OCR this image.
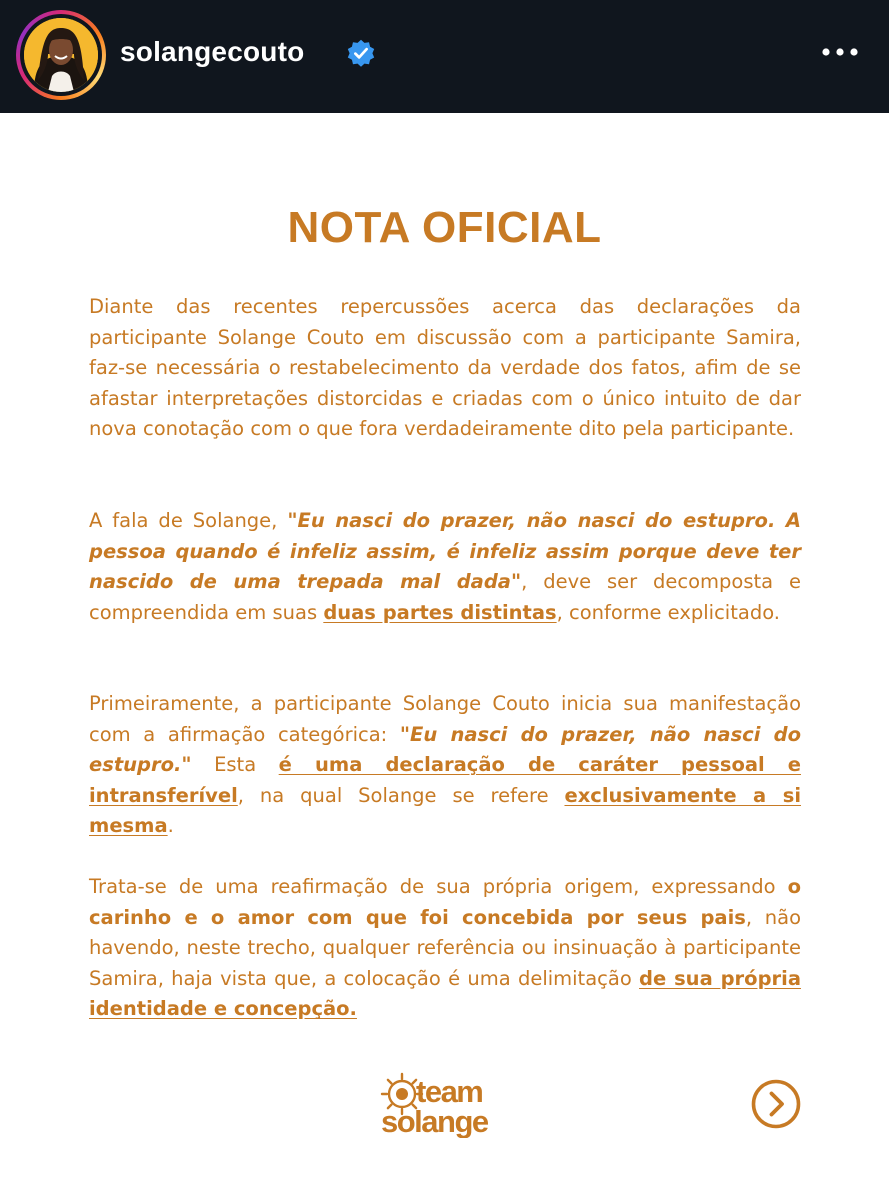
solangecouto
NOTA OFICIAL

Diante das recentes repercussões acerca das declarações da participante Solange Couto em discussão com a participante Samira, faz-se necessária o restabelecimento da verdade dos fatos, afim de se afastar interpretações distorcidas e criadas com o único intuito de dar nova conotação com o que fora verdadeiramente dito pela participante.

A fala de Solange, "Eu nasci do prazer, não nasci do estupro. A pessoa quando é infeliz assim, é infeliz assim porque deve ter nascido de uma trepada mal dada", deve ser decomposta e compreendida em suas duas partes distintas, conforme explicitado.

Primeiramente, a participante Solange Couto inicia sua manifestação com a afirmação categórica: "Eu nasci do prazer, não nasci do estupro." Esta é uma declaração de caráter pessoal e intransferível, na qual Solange se refere exclusivamente a si mesma.

Trata-se de uma reafirmação de sua própria origem, expressando o carinho e o amor com que foi concebida por seus pais, não havendo, neste trecho, qualquer referência ou insinuação à participante Samira, haja vista que, a colocação é uma delimitação de sua própria identidade e concepção.

team
solange
